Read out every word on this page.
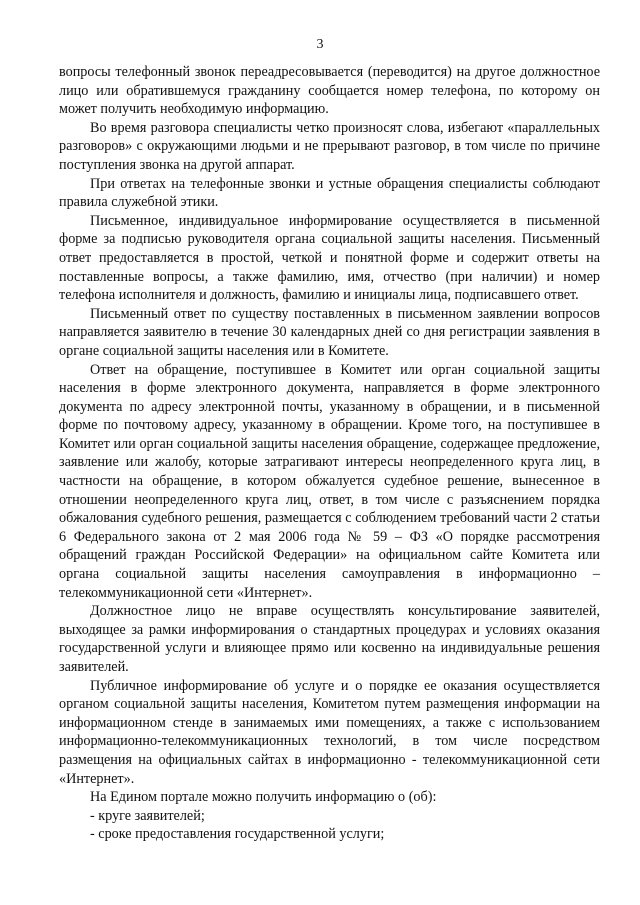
3

вопросы телефонный звонок переадресовывается (переводится) на другое должностное лицо или обратившемуся гражданину сообщается номер телефона, по которому он может получить необходимую информацию.

Во время разговора специалисты четко произносят слова, избегают «параллельных разговоров» с окружающими людьми и не прерывают разговор, в том числе по причине поступления звонка на другой аппарат.

При ответах на телефонные звонки и устные обращения специалисты соблюдают правила служебной этики.

Письменное, индивидуальное информирование осуществляется в письменной форме за подписью руководителя органа социальной защиты населения. Письменный ответ предоставляется в простой, четкой и понятной форме и содержит ответы на поставленные вопросы, а также фамилию, имя, отчество (при наличии) и номер телефона исполнителя и должность, фамилию и инициалы лица, подписавшего ответ.

Письменный ответ по существу поставленных в письменном заявлении вопросов направляется заявителю в течение 30 календарных дней со дня регистрации заявления в органе социальной защиты населения или в Комитете.

Ответ на обращение, поступившее в Комитет или орган социальной защиты населения в форме электронного документа, направляется в форме электронного документа по адресу электронной почты, указанному в обращении, и в письменной форме по почтовому адресу, указанному в обращении. Кроме того, на поступившее в Комитет или орган социальной защиты населения обращение, содержащее предложение, заявление или жалобу, которые затрагивают интересы неопределенного круга лиц, в частности на обращение, в котором обжалуется судебное решение, вынесенное в отношении неопределенного круга лиц, ответ, в том числе с разъяснением порядка обжалования судебного решения, размещается с соблюдением требований части 2 статьи 6 Федерального закона от 2 мая 2006 года № 59 – ФЗ «О порядке рассмотрения обращений граждан Российской Федерации» на официальном сайте Комитета или органа социальной защиты населения самоуправления в информационно – телекоммуникационной сети «Интернет».

Должностное лицо не вправе осуществлять консультирование заявителей, выходящее за рамки информирования о стандартных процедурах и условиях оказания государственной услуги и влияющее прямо или косвенно на индивидуальные решения заявителей.

Публичное информирование об услуге и о порядке ее оказания осуществляется органом социальной защиты населения, Комитетом путем размещения информации на информационном стенде в занимаемых ими помещениях, а также с использованием информационно-телекоммуникационных технологий, в том числе посредством размещения на официальных сайтах в информационно - телекоммуникационной сети «Интернет».

На Едином портале можно получить информацию о (об):

- круге заявителей;

- сроке предоставления государственной услуги;
